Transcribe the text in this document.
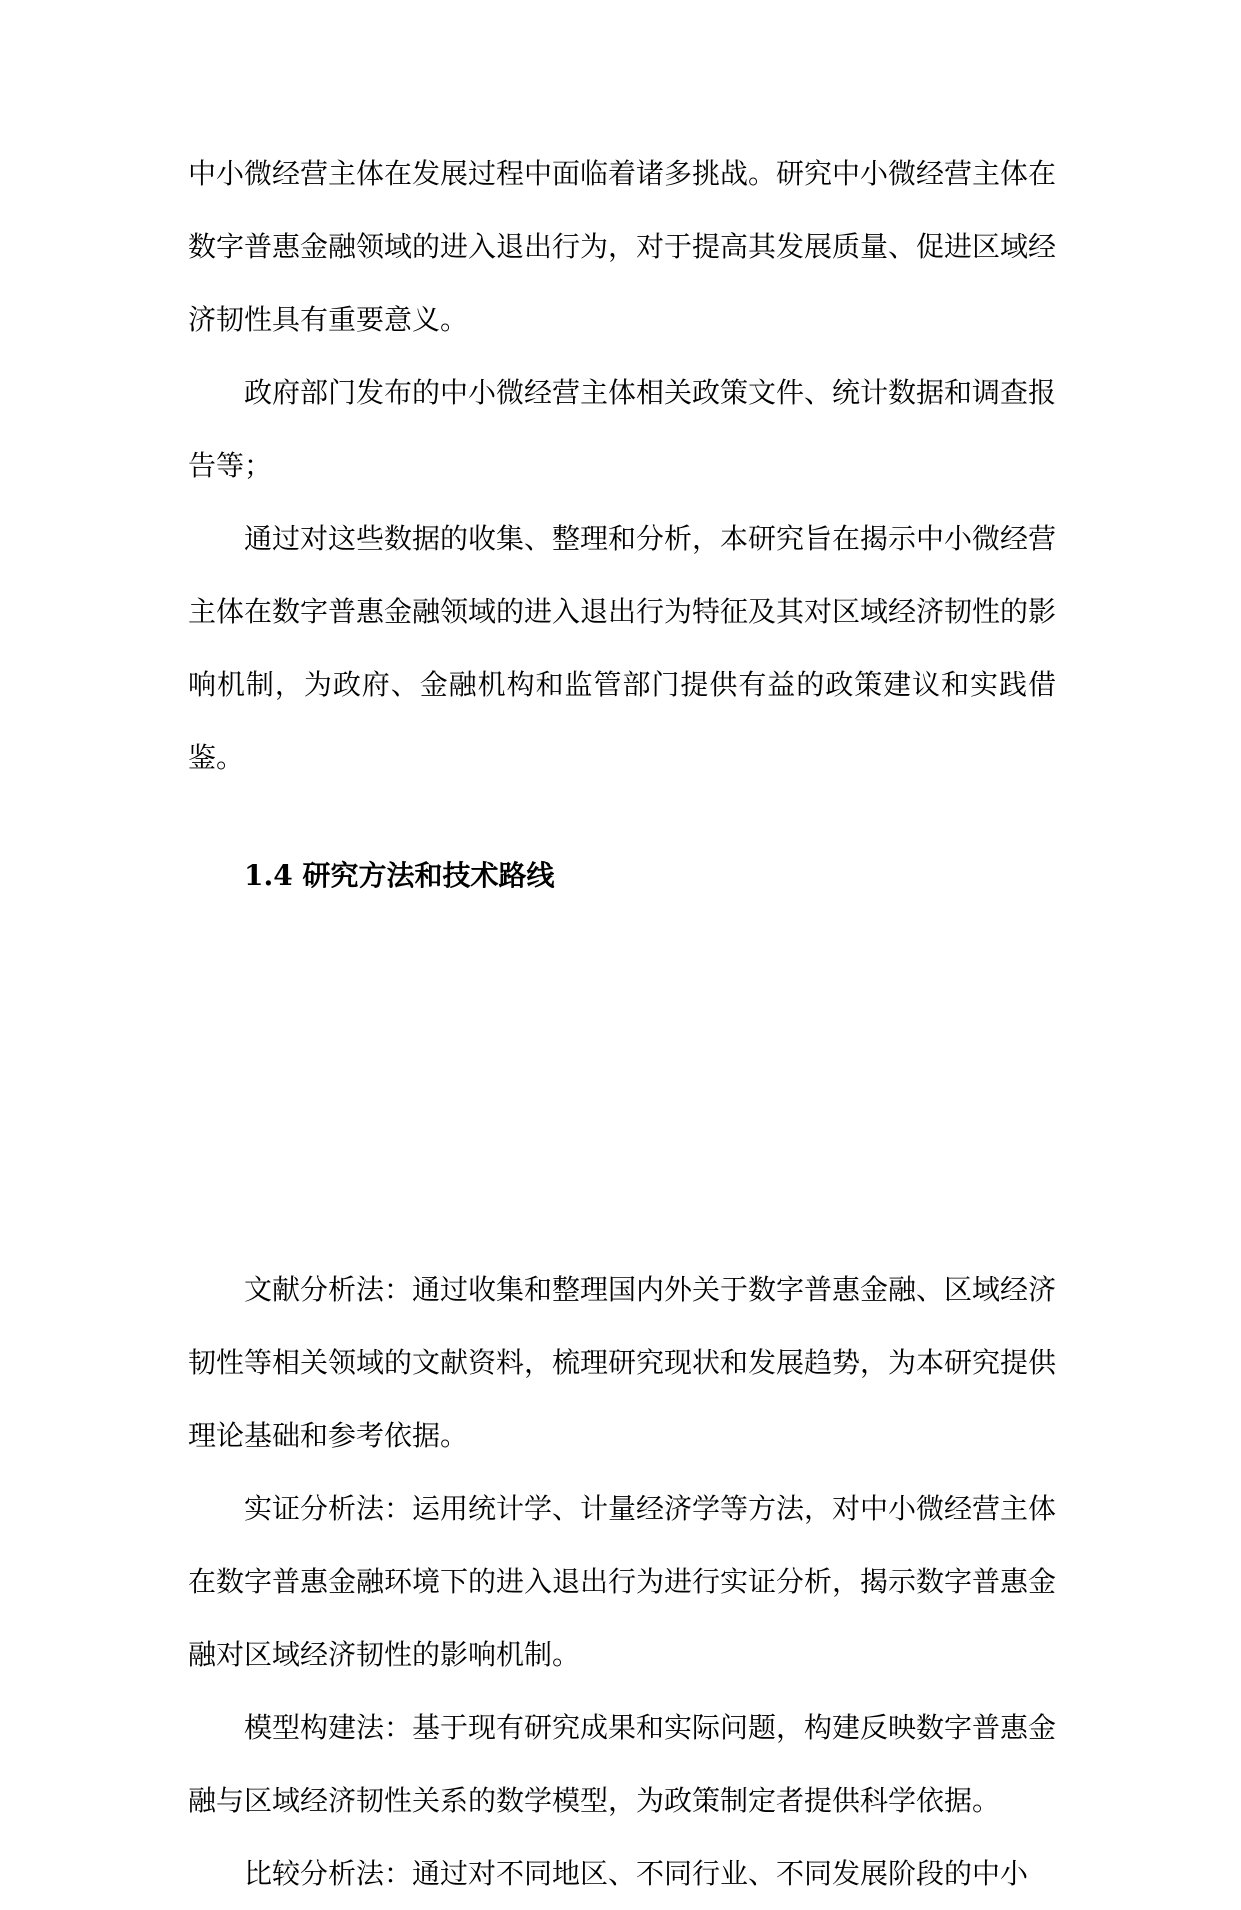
中小微经营主体在发展过程中面临着诸多挑战。研究中小微经营主体在数字普惠金融领域的进入退出行为，对于提高其发展质量、促进区域经济韧性具有重要意义。

政府部门发布的中小微经营主体相关政策文件、统计数据和调查报告等；

通过对这些数据的收集、整理和分析，本研究旨在揭示中小微经营主体在数字普惠金融领域的进入退出行为特征及其对区域经济韧性的影响机制，为政府、金融机构和监管部门提供有益的政策建议和实践借鉴。

1.4 研究方法和技术路线

文献分析法：通过收集和整理国内外关于数字普惠金融、区域经济韧性等相关领域的文献资料，梳理研究现状和发展趋势，为本研究提供理论基础和参考依据。

实证分析法：运用统计学、计量经济学等方法，对中小微经营主体在数字普惠金融环境下的进入退出行为进行实证分析，揭示数字普惠金融对区域经济韧性的影响机制。

模型构建法：基于现有研究成果和实际问题，构建反映数字普惠金融与区域经济韧性关系的数学模型，为政策制定者提供科学依据。

比较分析法：通过对不同地区、不同行业、不同发展阶段的中小
